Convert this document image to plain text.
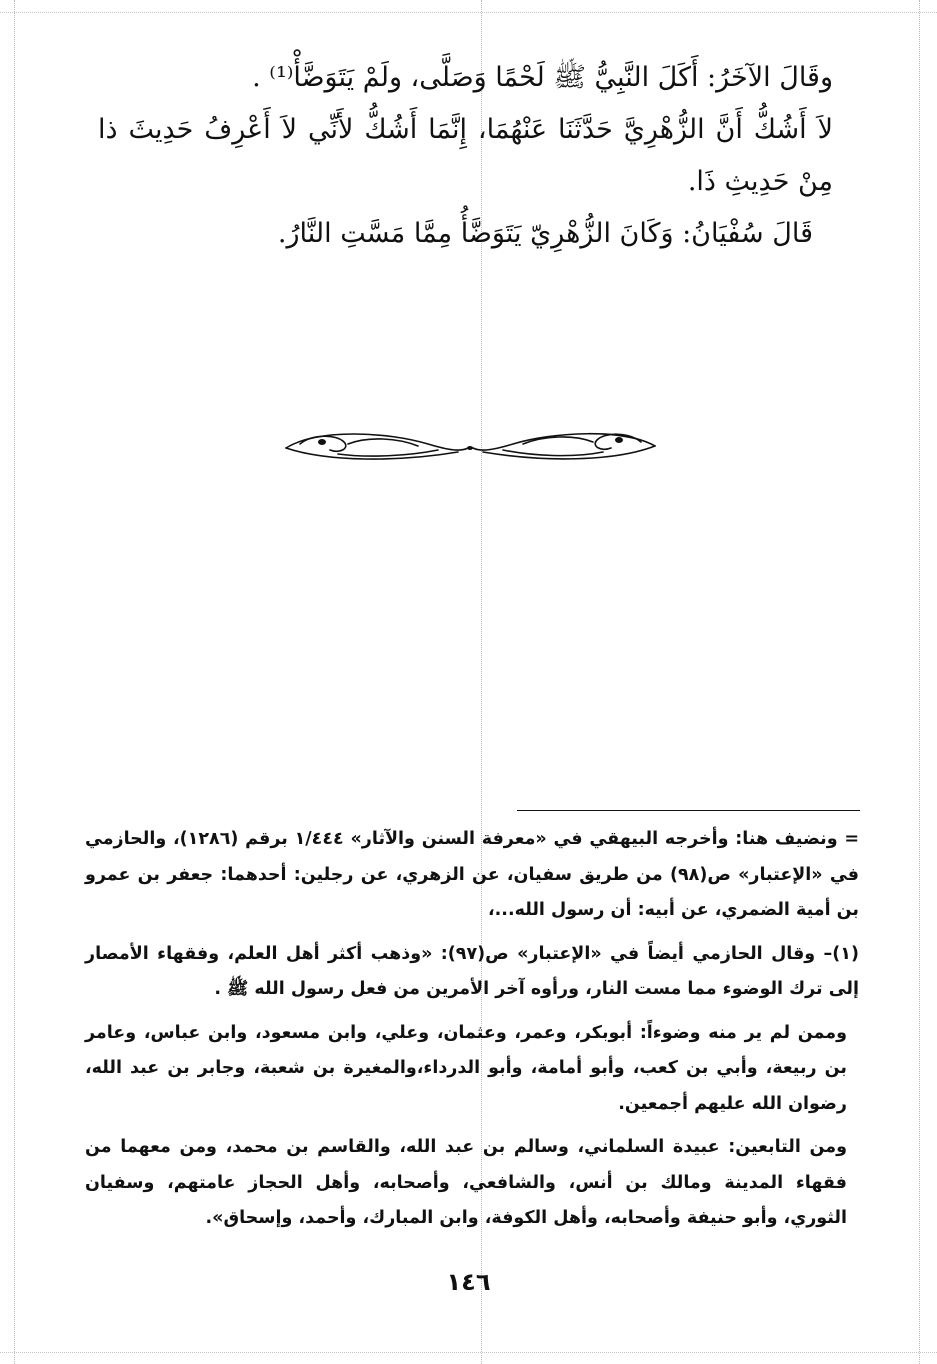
وقَالَ الآخَرُ: أَكَلَ النَّبِيُّ ﷺ لَحْمًا وَصَلَّى، ولَمْ يَتَوَضَّأْ⁽¹⁾ .

لاَ أَشُكُّ أَنَّ الزُّهْرِيَّ حَدَّثَنَا عَنْهُمَا، إِنَّمَا أَشُكُّ لأَنِّي لاَ أَعْرِفُ حَدِيثَ ذا مِنْ حَدِيثِ ذَا.

قَالَ سُفْيَانُ: وَكَانَ الزُّهْرِيّ يَتَوَضَّأُ مِمَّا مَسَّتِ النَّارُ.

= ونضيف هنا: وأخرجه البيهقي في «معرفة السنن والآثار» ١/٤٤٤ برقم (١٢٨٦)، والحازمي في «الإعتبار» ص(٩٨) من طريق سفيان، عن الزهري، عن رجلين: أحدهما: جعفر بن عمرو بن أمية الضمري، عن أبيه: أن رسول الله...،

(١)– وقال الحازمي أيضاً في «الإعتبار» ص(٩٧): «وذهب أكثر أهل العلم، وفقهاء الأمصار إلى ترك الوضوء مما مست النار، ورأوه آخر الأمرين من فعل رسول الله ﷺ .

وممن لم ير منه وضوءاً: أبوبكر، وعمر، وعثمان، وعلي، وابن مسعود، وابن عباس، وعامر بن ربيعة، وأبي بن كعب، وأبو أمامة، وأبو الدرداء،والمغيرة بن شعبة، وجابر بن عبد الله، رضوان الله عليهم أجمعين.

ومن التابعين: عبيدة السلماني، وسالم بن عبد الله، والقاسم بن محمد، ومن معهما من فقهاء المدينة ومالك بن أنس، والشافعي، وأصحابه، وأهل الحجاز عامتهم، وسفيان الثوري، وأبو حنيفة وأصحابه، وأهل الكوفة، وابن المبارك، وأحمد، وإسحاق».

١٤٦
